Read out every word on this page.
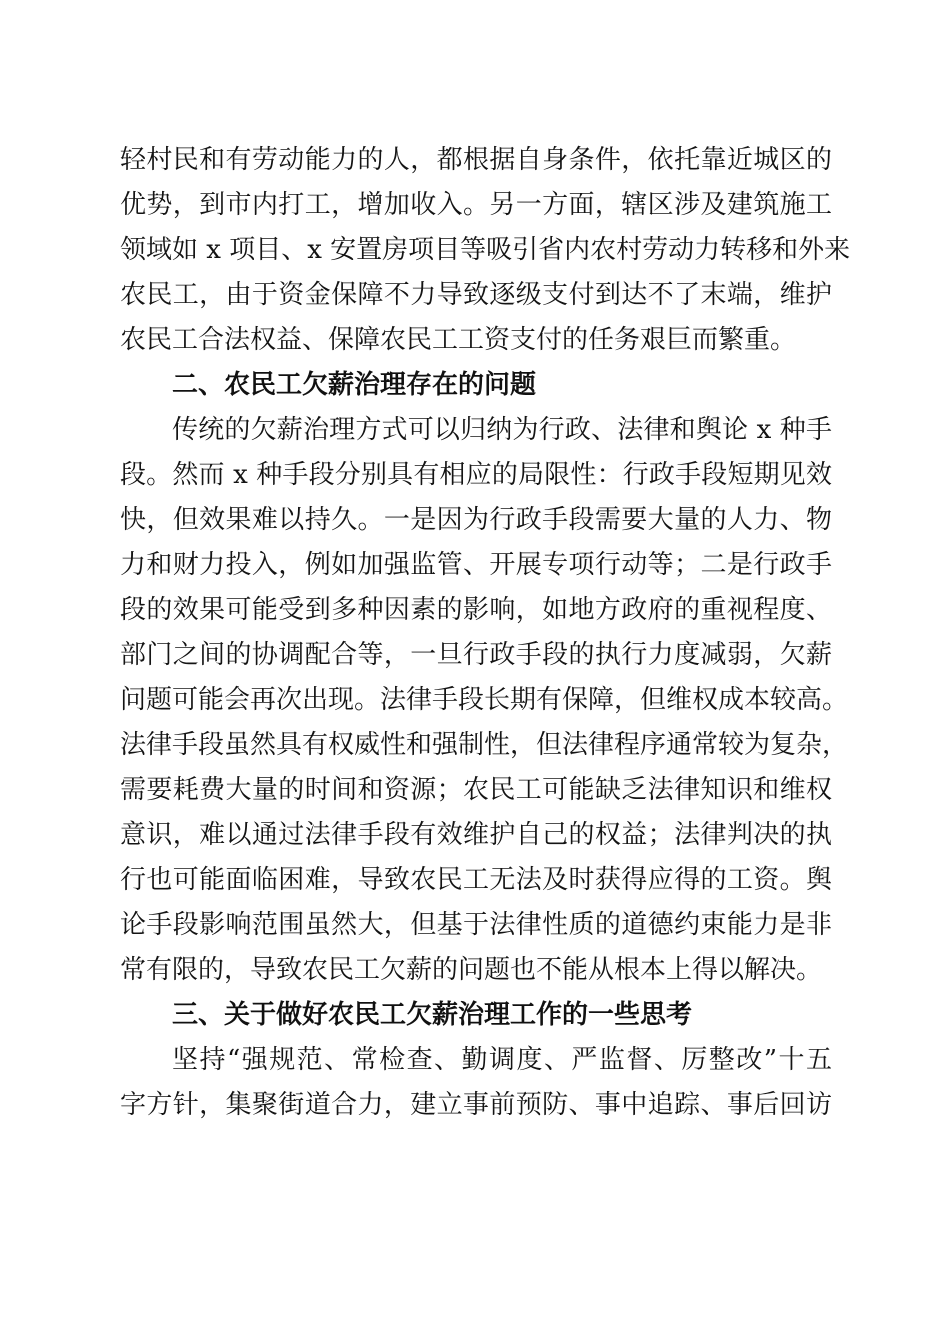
轻村民和有劳动能力的人，都根据自身条件，依托靠近城区的
优势，到市内打工，增加收入。另一方面，辖区涉及建筑施工
领域如 x 项目、x 安置房项目等吸引省内农村劳动力转移和外来
农民工，由于资金保障不力导致逐级支付到达不了末端，维护
农民工合法权益、保障农民工工资支付的任务艰巨而繁重。
二、农民工欠薪治理存在的问题
传统的欠薪治理方式可以归纳为行政、法律和舆论 x 种手
段。然而 x 种手段分别具有相应的局限性：行政手段短期见效
快，但效果难以持久。一是因为行政手段需要大量的人力、物
力和财力投入，例如加强监管、开展专项行动等；二是行政手
段的效果可能受到多种因素的影响，如地方政府的重视程度、
部门之间的协调配合等，一旦行政手段的执行力度减弱，欠薪
问题可能会再次出现。法律手段长期有保障，但维权成本较高。
法律手段虽然具有权威性和强制性，但法律程序通常较为复杂，
需要耗费大量的时间和资源；农民工可能缺乏法律知识和维权
意识，难以通过法律手段有效维护自己的权益；法律判决的执
行也可能面临困难，导致农民工无法及时获得应得的工资。舆
论手段影响范围虽然大，但基于法律性质的道德约束能力是非
常有限的，导致农民工欠薪的问题也不能从根本上得以解决。
三、关于做好农民工欠薪治理工作的一些思考
坚持“强规范、常检查、勤调度、严监督、厉整改”十五
字方针，集聚街道合力，建立事前预防、事中追踪、事后回访
